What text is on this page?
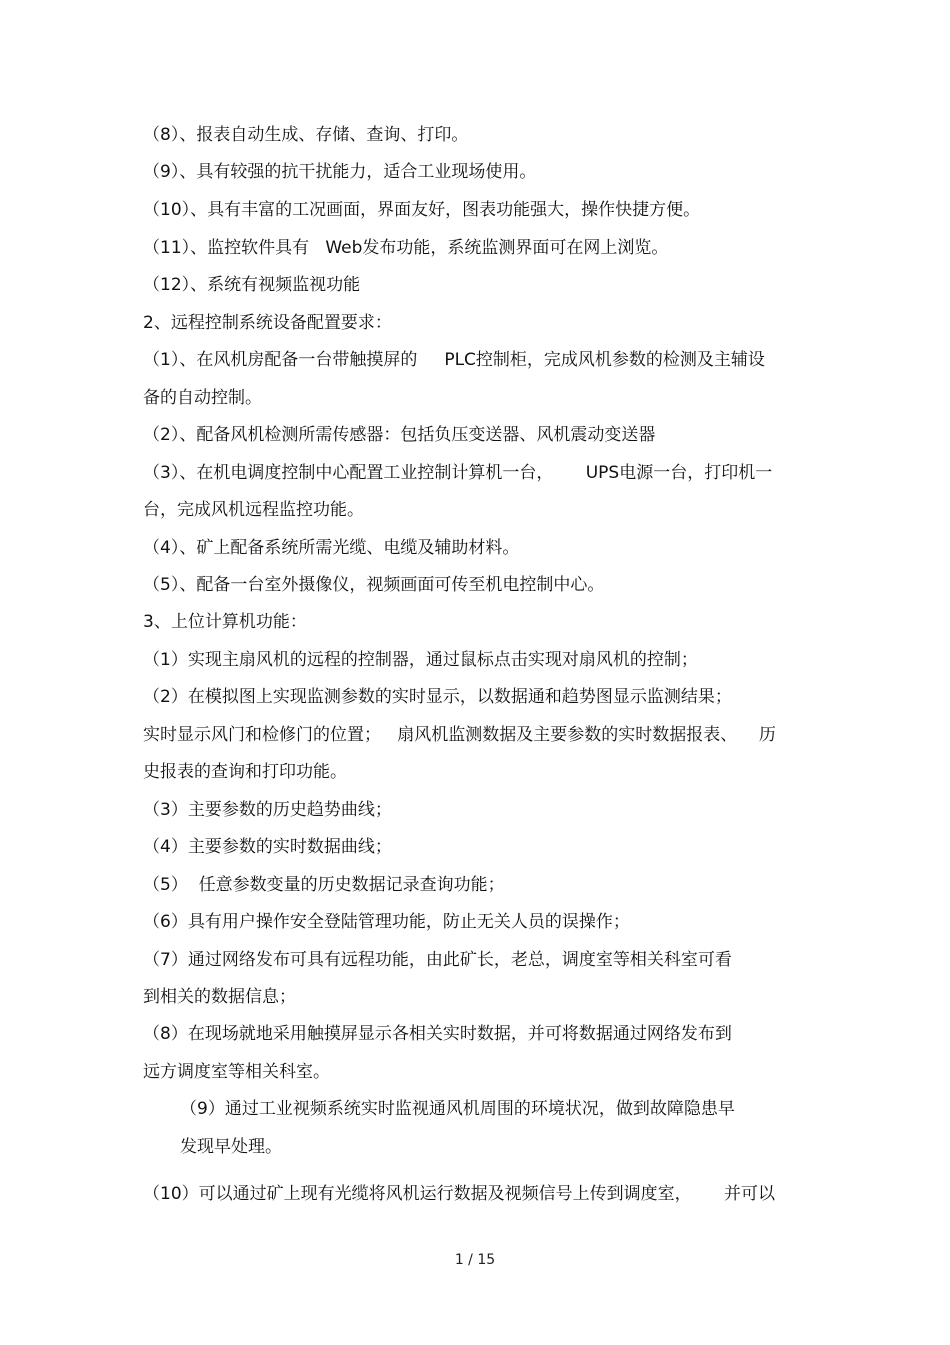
（8）、报表自动生成、存储、查询、打印。
（9）、具有较强的抗干扰能力，适合工业现场使用。
（10）、具有丰富的工况画面，界面友好，图表功能强大，操作快捷方便。
（11）、监控软件具有   Web发布功能，系统监测界面可在网上浏览。
（12）、系统有视频监视功能
2、远程控制系统设备配置要求：
（1）、在风机房配备一台带触摸屏的     PLC控制柜，完成风机参数的检测及主辅设
备的自动控制。
（2）、配备风机检测所需传感器：包括负压变送器、风机震动变送器
（3）、在机电调度控制中心配置工业控制计算机一台，      UPS电源一台，打印机一
台，完成风机远程监控功能。
（4）、矿上配备系统所需光缆、电缆及辅助材料。
（5）、配备一台室外摄像仪，视频画面可传至机电控制中心。
3、上位计算机功能：
（1）实现主扇风机的远程的控制器，通过鼠标点击实现对扇风机的控制；
（2）在模拟图上实现监测参数的实时显示，以数据通和趋势图显示监测结果；
实时显示风门和检修门的位置；   扇风机监测数据及主要参数的实时数据报表、    历
史报表的查询和打印功能。
（3）主要参数的历史趋势曲线；
（4）主要参数的实时数据曲线；
（5）  任意参数变量的历史数据记录查询功能；
（6）具有用户操作安全登陆管理功能，防止无关人员的误操作；
（7）通过网络发布可具有远程功能，由此矿长，老总，调度室等相关科室可看
到相关的数据信息；
（8）在现场就地采用触摸屏显示各相关实时数据，并可将数据通过网络发布到
远方调度室等相关科室。
（9）通过工业视频系统实时监视通风机周围的环境状况，做到故障隐患早
发现早处理。
（10）可以通过矿上现有光缆将风机运行数据及视频信号上传到调度室，      并可以
1 / 15
